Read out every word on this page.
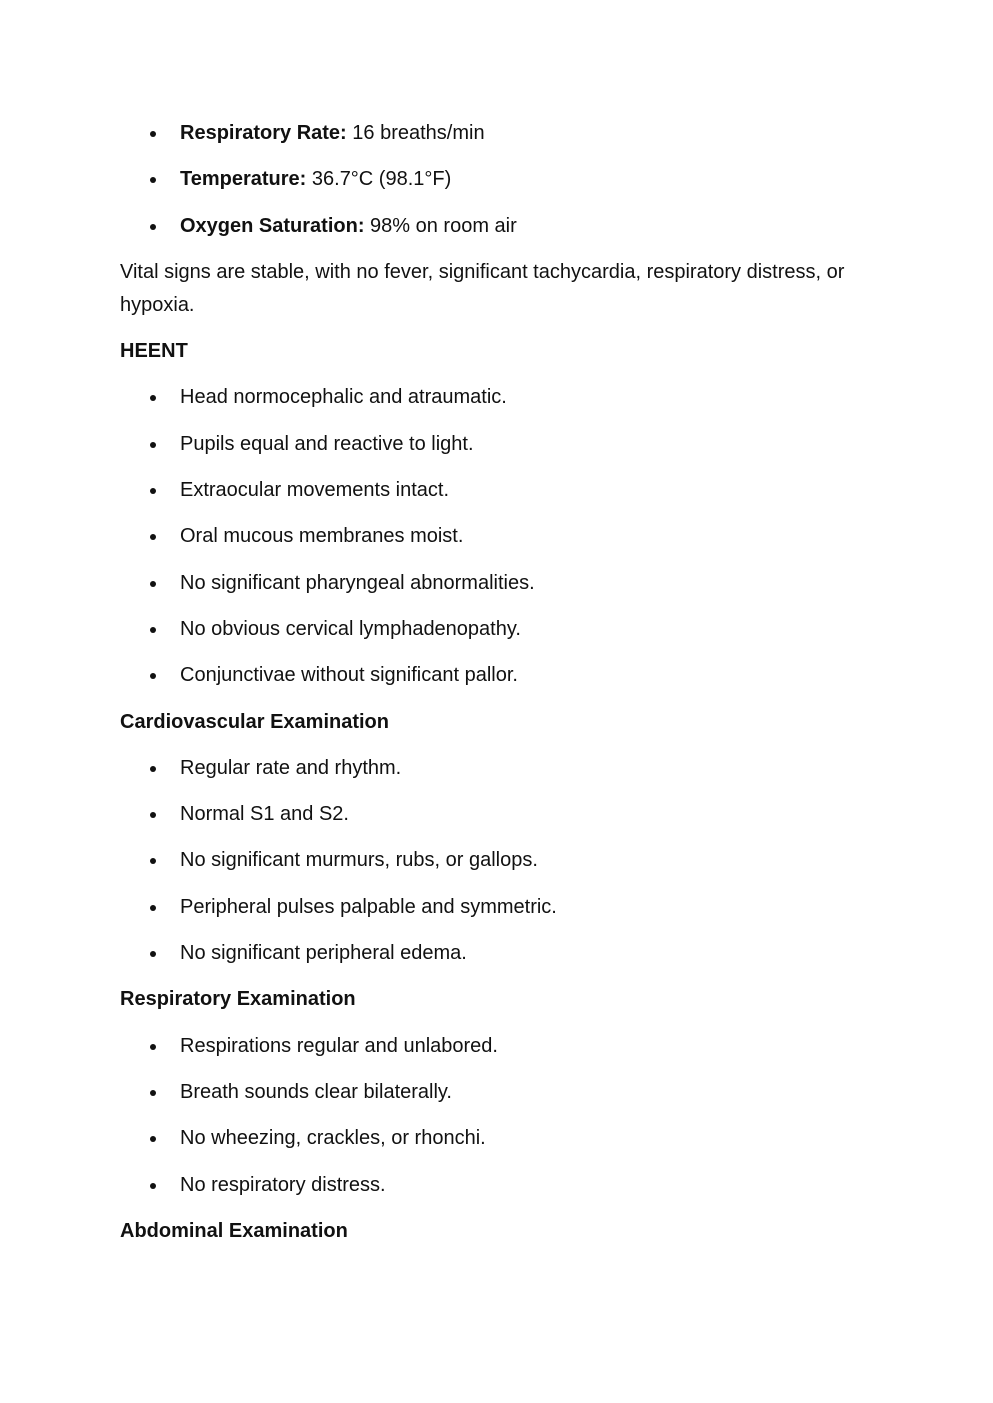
Respiratory Rate: 16 breaths/min
Temperature: 36.7°C (98.1°F)
Oxygen Saturation: 98% on room air

Vital signs are stable, with no fever, significant tachycardia, respiratory distress, or hypoxia.

HEENT
Head normocephalic and atraumatic.
Pupils equal and reactive to light.
Extraocular movements intact.
Oral mucous membranes moist.
No significant pharyngeal abnormalities.
No obvious cervical lymphadenopathy.
Conjunctivae without significant pallor.
Cardiovascular Examination
Regular rate and rhythm.
Normal S1 and S2.
No significant murmurs, rubs, or gallops.
Peripheral pulses palpable and symmetric.
No significant peripheral edema.
Respiratory Examination
Respirations regular and unlabored.
Breath sounds clear bilaterally.
No wheezing, crackles, or rhonchi.
No respiratory distress.
Abdominal Examination
